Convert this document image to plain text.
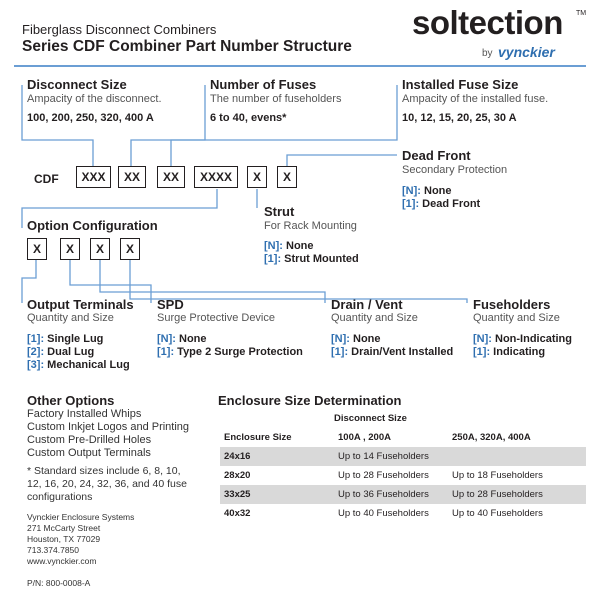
Fiberglass Disconnect Combiners
Series CDF Combiner Part Number Structure
soltection TM
by vynckier
Disconnect Size
Ampacity of the disconnect.
100, 200, 250, 320, 400 A
Number of Fuses
The number of fuseholders
6 to 40, evens*
Installed Fuse Size
Ampacity of the installed fuse.
10, 12, 15, 20, 25, 30 A
Dead Front
Secondary Protection
[N]: None
[1]: Dead Front
CDF	XXX	XX	XX	XXXX	X	X
Strut
For Rack Mounting
[N]: None
[1]: Strut Mounted
Option Configuration
X	X	X	X
Output Terminals
Quantity and Size
[1]: Single Lug
[2]: Dual Lug
[3]: Mechanical Lug
SPD
Surge Protective Device
[N]: None
[1]: Type 2 Surge Protection
Drain / Vent
Quantity and Size
[N]: None
[1]: Drain/Vent Installed
Fuseholders
Quantity and Size
[N]: Non-Indicating
[1]: Indicating
Other Options
Factory Installed Whips
Custom Inkjet Logos and Printing
Custom Pre-Drilled Holes
Custom Output Terminals
* Standard sizes include 6, 8, 10, 12, 16, 20, 24, 32, 36, and 40 fuse configurations
Vynckier Enclosure Systems
271 McCarty Street
Houston, TX 77029
713.374.7850
www.vynckier.com
P/N: 800-0008-A
Enclosure Size Determination
Disconnect Size
Enclosure Size	100A , 200A	250A, 320A, 400A
24x16	Up to 14 Fuseholders	
28x20	Up to 28 Fuseholders	Up to 18 Fuseholders
33x25	Up to 36 Fuseholders	Up to 28 Fuseholders
40x32	Up to 40 Fuseholders	Up to 40 Fuseholders
